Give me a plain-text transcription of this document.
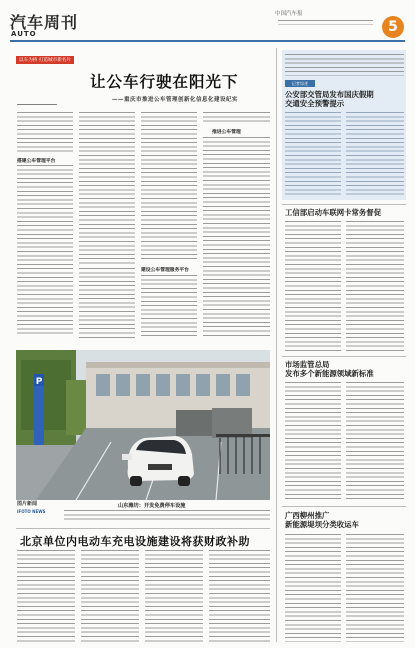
汽车周刊
AUTO
中国汽车报
5
以车为桥 打造城市新名片
让公车行驶在阳光下
——重庆市推进公车管理创新化信息化建设纪实
搭建公车管理平台
建设公车管理服务平台
推进公车管理
P
图片新闻
IFOTO NEWS
山东潍坊：开发免费停车设施
北京单位内电动车充电设施建设将获财政补助
记者综述
公安部交管局发布国庆假期
交通安全预警提示
工信部启动车联网卡常务督促
市场监管总局
发布多个新能源领域新标准
广西柳州推广
新能源堤坝分类收运车
